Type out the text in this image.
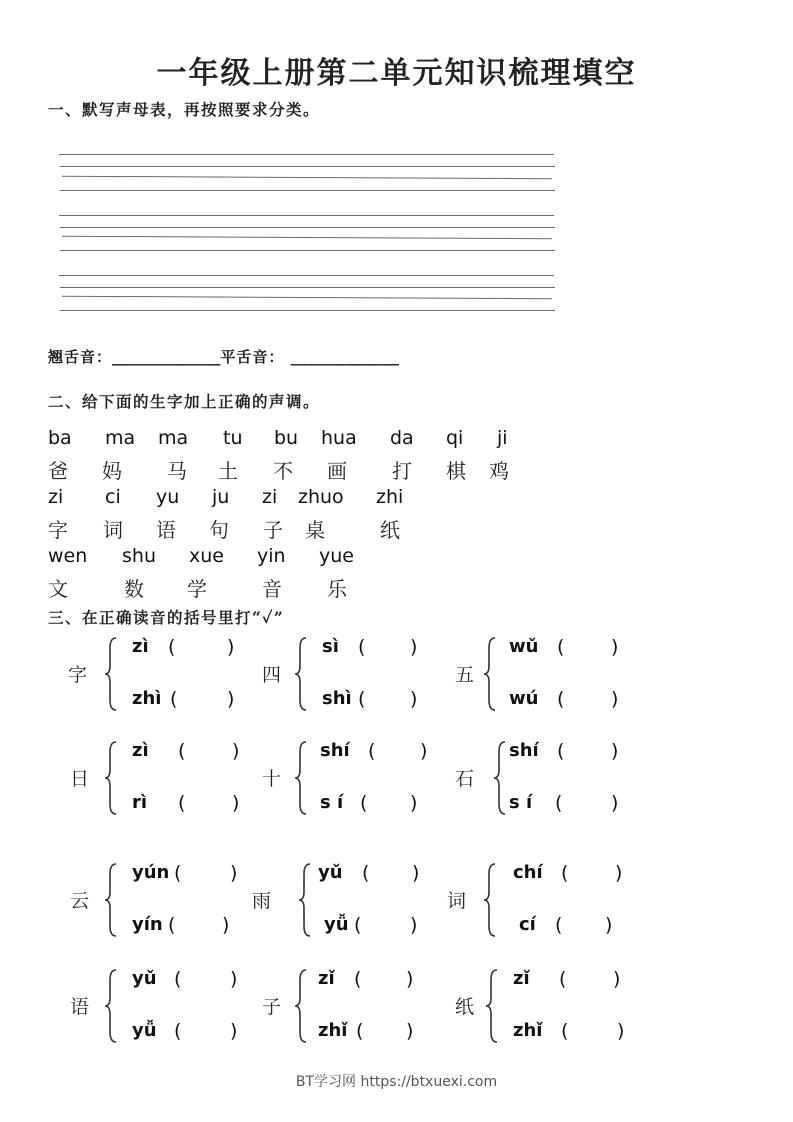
一年级上册第二单元知识梳理填空
一、默写声母表，再按照要求分类。
翘舌音：____________平舌音： ____________
二、给下面的生字加上正确的声调。
ba ma ma tu bu hua da qi ji
爸 妈 马 土 不 画 打 棋 鸡
zi ci yu ju zi zhuo zhi
字 词 语 句 子 桌	纸
wen shu xue yin yue
文	数 学	音 乐
三、在正确读音的括号里打“✓”
字
zì (	)
zhì (	)
四
sì ( )
shì ( )
五
wǔ ( )
wú ( )
日
zì ( )
rì ( )
十
shí ( )
s í ( )
石
shí ( )
s í (	)
云
yún (	)
yín ( )
雨
yǔ ( )
yǚ (	)
词
chí ( )
cí ( )
语
yǔ (	)
yǚ (	)
子
zǐ ( )
zhǐ ( )
纸
zǐ ( )
zhǐ (	)
BT学习网 https://btxuexi.com
